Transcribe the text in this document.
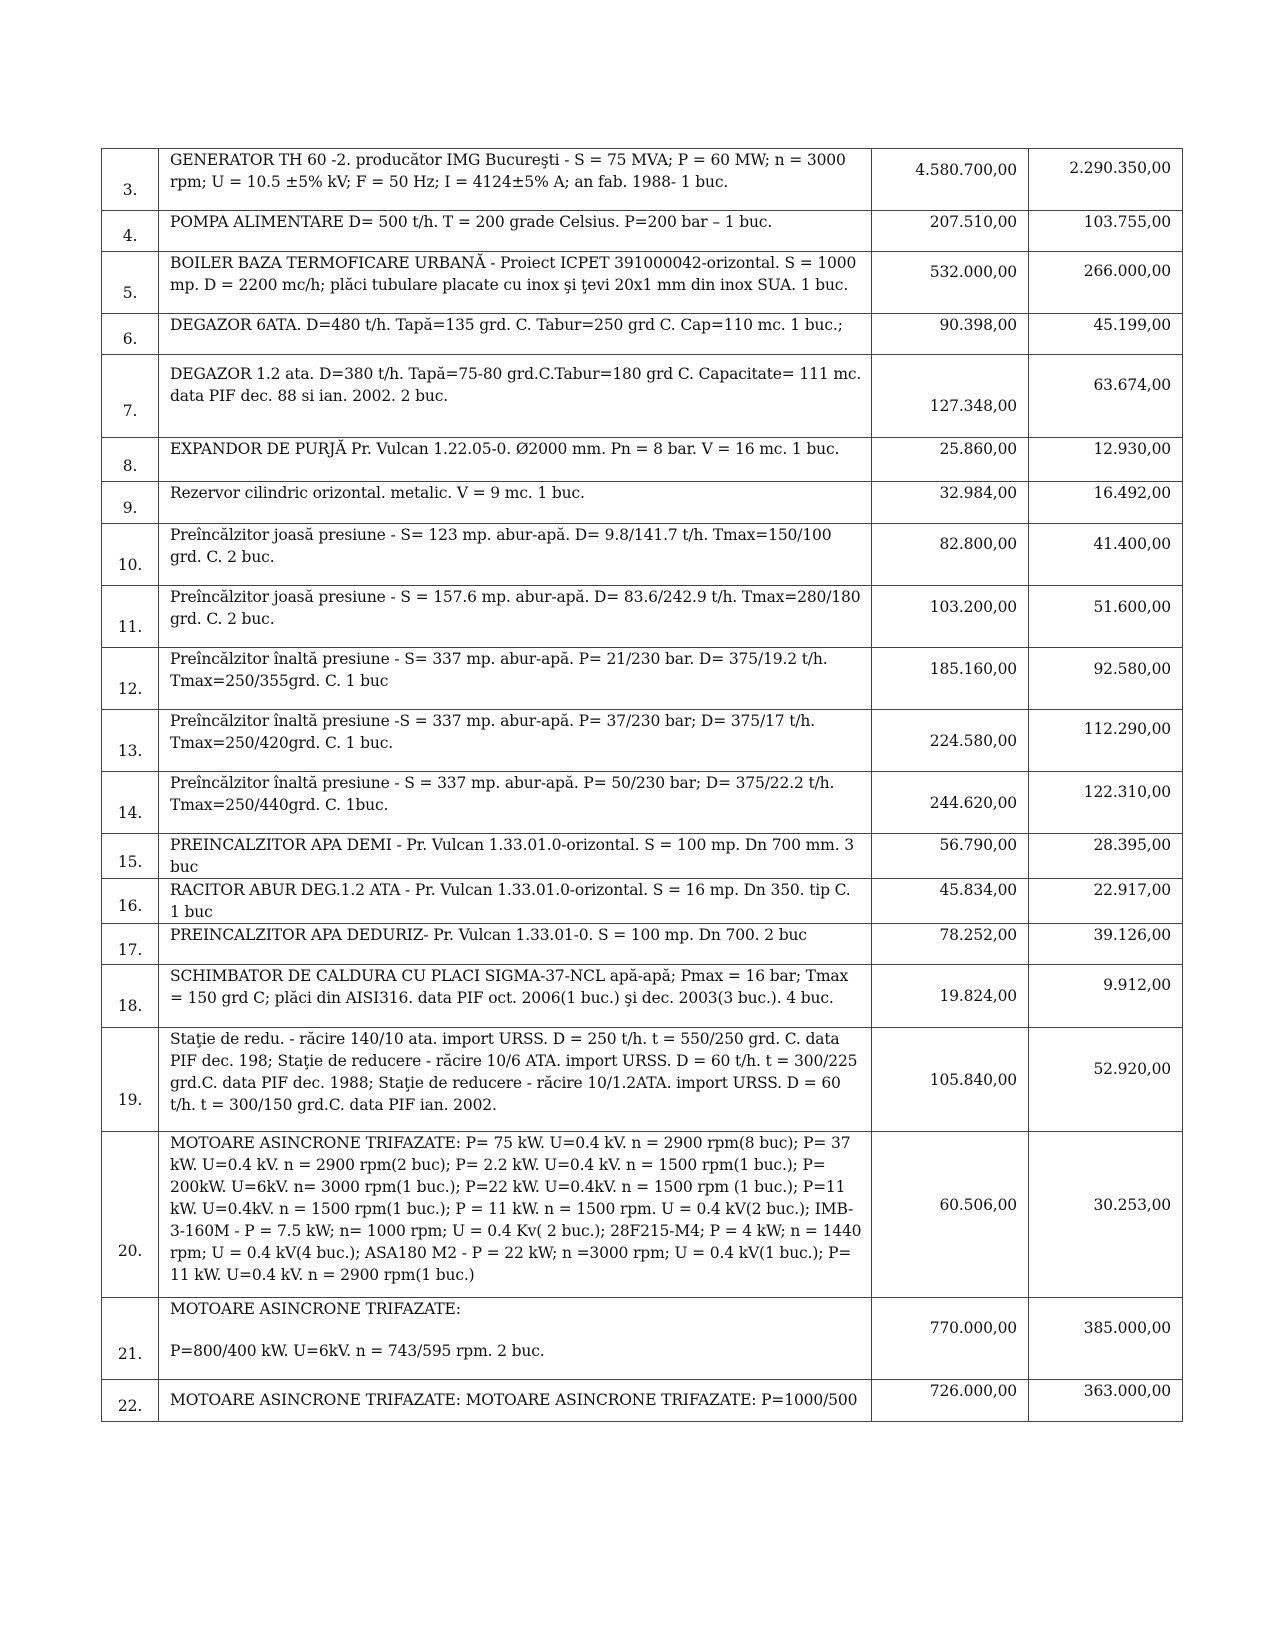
3.	GENERATOR TH 60 -2. producător IMG Bucureşti - S = 75 MVA; P = 60 MW; n = 3000 rpm; U = 10.5 ±5% kV; F = 50 Hz; I = 4124±5% A; an fab. 1988- 1 buc.	4.580.700,00	2.290.350,00

4.	POMPA ALIMENTARE D= 500 t/h. T = 200 grade Celsius. P=200 bar – 1 buc.	207.510,00	103.755,00

5.	BOILER BAZA TERMOFICARE URBANĂ - Proiect ICPET 391000042-orizontal. S = 1000 mp. D = 2200 mc/h; plăci tubulare placate cu inox şi ţevi 20x1 mm din inox SUA. 1 buc.	532.000,00	266.000,00

6.	DEGAZOR 6ATA. D=480 t/h. Tapă=135 grd. C. Tabur=250 grd C. Cap=110 mc. 1 buc.;	90.398,00	45.199,00

7.	DEGAZOR 1.2 ata. D=380 t/h. Tapă=75-80 grd.C.Tabur=180 grd C. Capacitate= 111 mc. data PIF dec. 88 si ian. 2002. 2 buc.	127.348,00	63.674,00

8.	EXPANDOR DE PURJĂ Pr. Vulcan 1.22.05-0. Ø2000 mm. Pn = 8 bar. V = 16 mc. 1 buc.	25.860,00	12.930,00

9.	Rezervor cilindric orizontal. metalic. V = 9 mc. 1 buc.	32.984,00	16.492,00

10.	Preîncălzitor joasă presiune - S= 123 mp. abur-apă. D= 9.8/141.7 t/h. Tmax=150/100 grd. C. 2 buc.	82.800,00	41.400,00

11.	Preîncălzitor joasă presiune - S = 157.6 mp. abur-apă. D= 83.6/242.9 t/h. Tmax=280/180 grd. C. 2 buc.	103.200,00	51.600,00

12.	Preîncălzitor înaltă presiune - S= 337 mp. abur-apă. P= 21/230 bar. D= 375/19.2 t/h. Tmax=250/355grd. C. 1 buc	185.160,00	92.580,00

13.	Preîncălzitor înaltă presiune -S = 337 mp. abur-apă. P= 37/230 bar; D= 375/17 t/h. Tmax=250/420grd. C. 1 buc.	224.580,00	112.290,00

14.	Preîncălzitor înaltă presiune - S = 337 mp. abur-apă. P= 50/230 bar; D= 375/22.2 t/h. Tmax=250/440grd. C. 1buc.	244.620,00	122.310,00

15.	PREINCALZITOR APA DEMI - Pr. Vulcan 1.33.01.0-orizontal. S = 100 mp. Dn 700 mm. 3 buc	56.790,00	28.395,00

16.	RACITOR ABUR DEG.1.2 ATA - Pr. Vulcan 1.33.01.0-orizontal. S = 16 mp. Dn 350. tip C. 1 buc	45.834,00	22.917,00

17.	PREINCALZITOR APA DEDURIZ- Pr. Vulcan 1.33.01-0. S = 100 mp. Dn 700. 2 buc	78.252,00	39.126,00

18.	SCHIMBATOR DE CALDURA CU PLACI SIGMA-37-NCL apă-apă; Pmax = 16 bar; Tmax = 150 grd C; plăci din AISI316. data PIF oct. 2006(1 buc.) şi dec. 2003(3 buc.). 4 buc.	19.824,00	9.912,00

19.	Staţie de redu. - răcire 140/10 ata. import URSS. D = 250 t/h. t = 550/250 grd. C. data PIF dec. 198; Staţie de reducere - răcire 10/6 ATA. import URSS. D = 60 t/h. t = 300/225 grd.C. data PIF dec. 1988; Staţie de reducere - răcire 10/1.2ATA. import URSS. D = 60 t/h. t = 300/150 grd.C. data PIF ian. 2002.	105.840,00	52.920,00

20.	MOTOARE ASINCRONE TRIFAZATE: P= 75 kW. U=0.4 kV. n = 2900 rpm(8 buc); P= 37 kW. U=0.4 kV. n = 2900 rpm(2 buc); P= 2.2 kW. U=0.4 kV. n = 1500 rpm(1 buc.); P= 200kW. U=6kV. n= 3000 rpm(1 buc.); P=22 kW. U=0.4kV. n = 1500 rpm (1 buc.); P=11 kW. U=0.4kV. n = 1500 rpm(1 buc.); P = 11 kW. n = 1500 rpm. U = 0.4 kV(2 buc.); IMB-3-160M - P = 7.5 kW; n= 1000 rpm; U = 0.4 Kv( 2 buc.); 28F215-M4; P = 4 kW; n = 1440 rpm; U = 0.4 kV(4 buc.); ASA180 M2 - P = 22 kW; n =3000 rpm; U = 0.4 kV(1 buc.); P= 11 kW. U=0.4 kV. n = 2900 rpm(1 buc.)	60.506,00	30.253,00

21.	MOTOARE ASINCRONE TRIFAZATE:
P=800/400 kW. U=6kV. n = 743/595 rpm. 2 buc.	770.000,00	385.000,00

22.	MOTOARE ASINCRONE TRIFAZATE: MOTOARE ASINCRONE TRIFAZATE: P=1000/500	726.000,00	363.000,00
